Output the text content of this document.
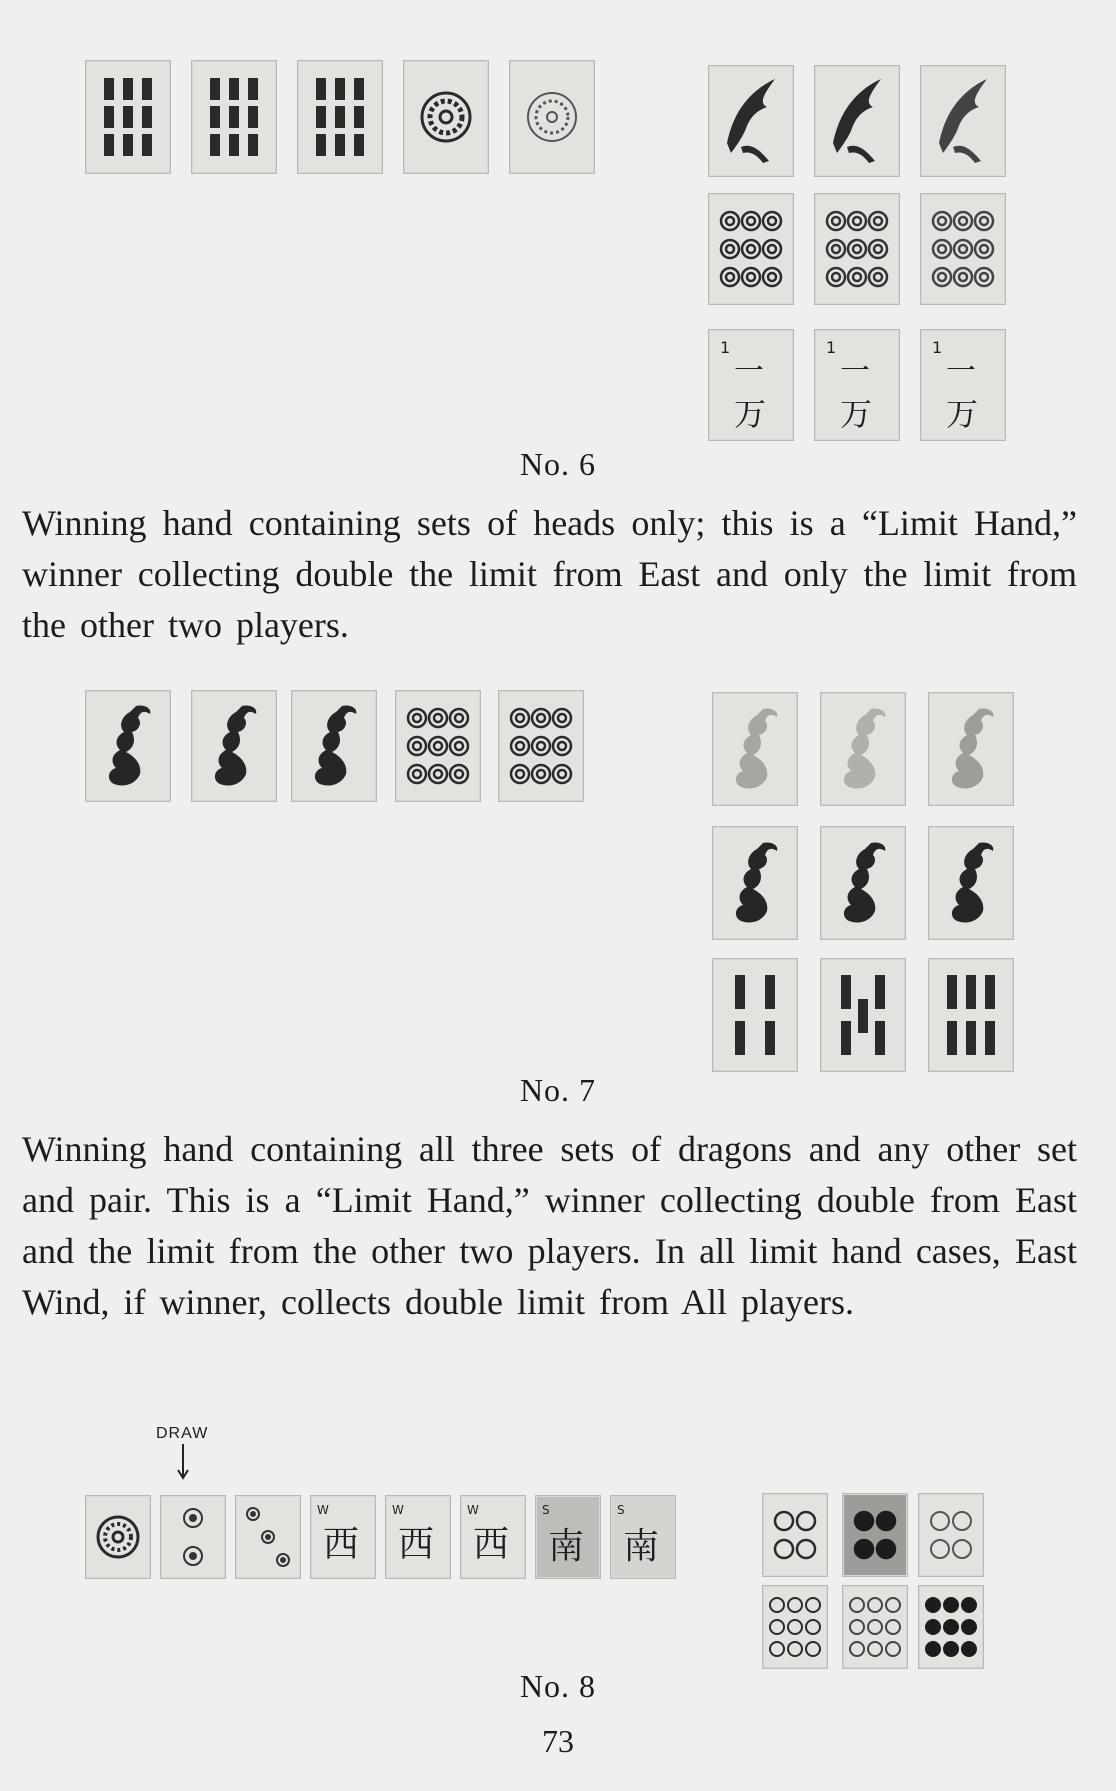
1
一
万
1
一
万
1
一
万
No. 6

Winning hand containing sets of heads only; this is a “Limit Hand,” winner collecting double the limit from East and only the limit from the other two players.

No. 7

Winning hand containing all three sets of dragons and any other set and pair. This is a “Limit Hand,” winner collecting double from East and the limit from the other two players. In all limit hand cases, East Wind, if winner, collects double limit from All players.

DRAW
W
西
W
西
W
西
S
南
S
南
No. 8
73
